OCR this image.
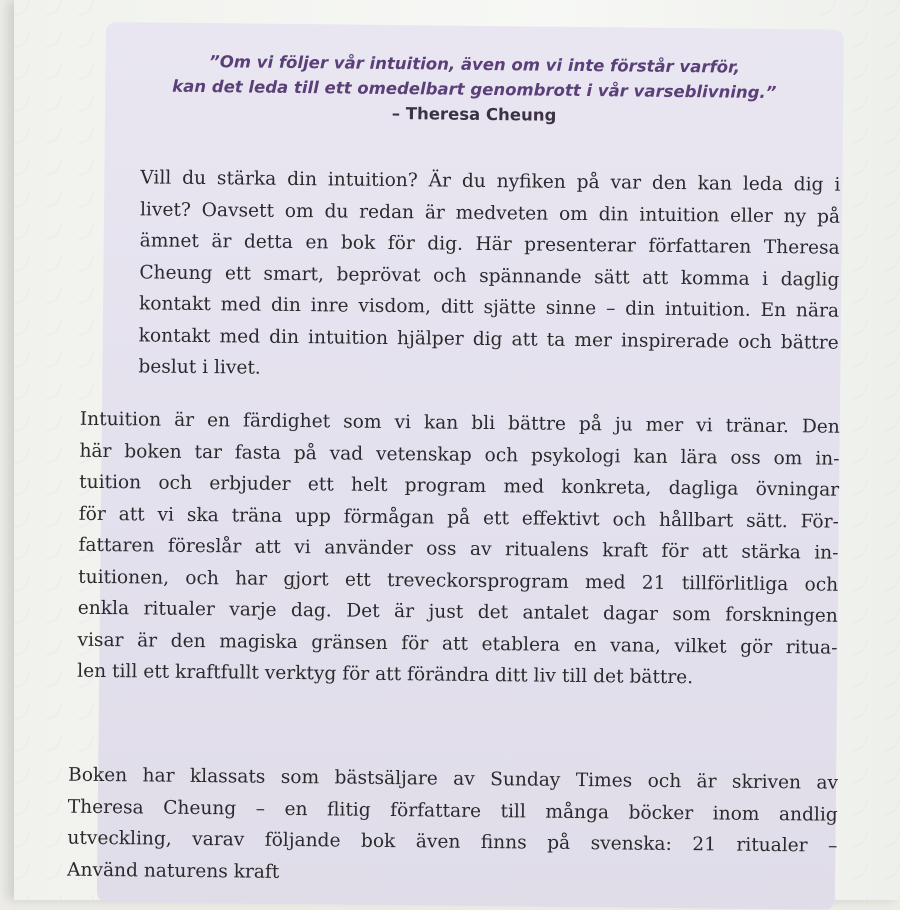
”Om vi följer vår intuition, även om vi inte förstår varför,
kan det leda till ett omedelbart genombrott i vår varseblivning.”
– Theresa Cheung
Vill du stärka din intuition? Är du nyfiken på var den kan leda dig i
livet? Oavsett om du redan är medveten om din intuition eller ny på
ämnet är detta en bok för dig. Här presenterar författaren Theresa
Cheung ett smart, beprövat och spännande sätt att komma i daglig
kontakt med din inre visdom, ditt sjätte sinne – din intuition. En nära
kontakt med din intuition hjälper dig att ta mer inspirerade och bättre
beslut i livet.
Intuition är en färdighet som vi kan bli bättre på ju mer vi tränar. Den
här boken tar fasta på vad vetenskap och psykologi kan lära oss om in-
tuition och erbjuder ett helt program med konkreta, dagliga övningar
för att vi ska träna upp förmågan på ett effektivt och hållbart sätt. För-
fattaren föreslår att vi använder oss av ritualens kraft för att stärka in-
tuitionen, och har gjort ett treveckorsprogram med 21 tillförlitliga och
enkla ritualer varje dag. Det är just det antalet dagar som forskningen
visar är den magiska gränsen för att etablera en vana, vilket gör ritua-
len till ett kraftfullt verktyg för att förändra ditt liv till det bättre.
Boken har klassats som bästsäljare av Sunday Times och är skriven av
Theresa Cheung – en flitig författare till många böcker inom andlig
utveckling, varav följande bok även finns på svenska: 21 ritualer –
Använd naturens kraft
